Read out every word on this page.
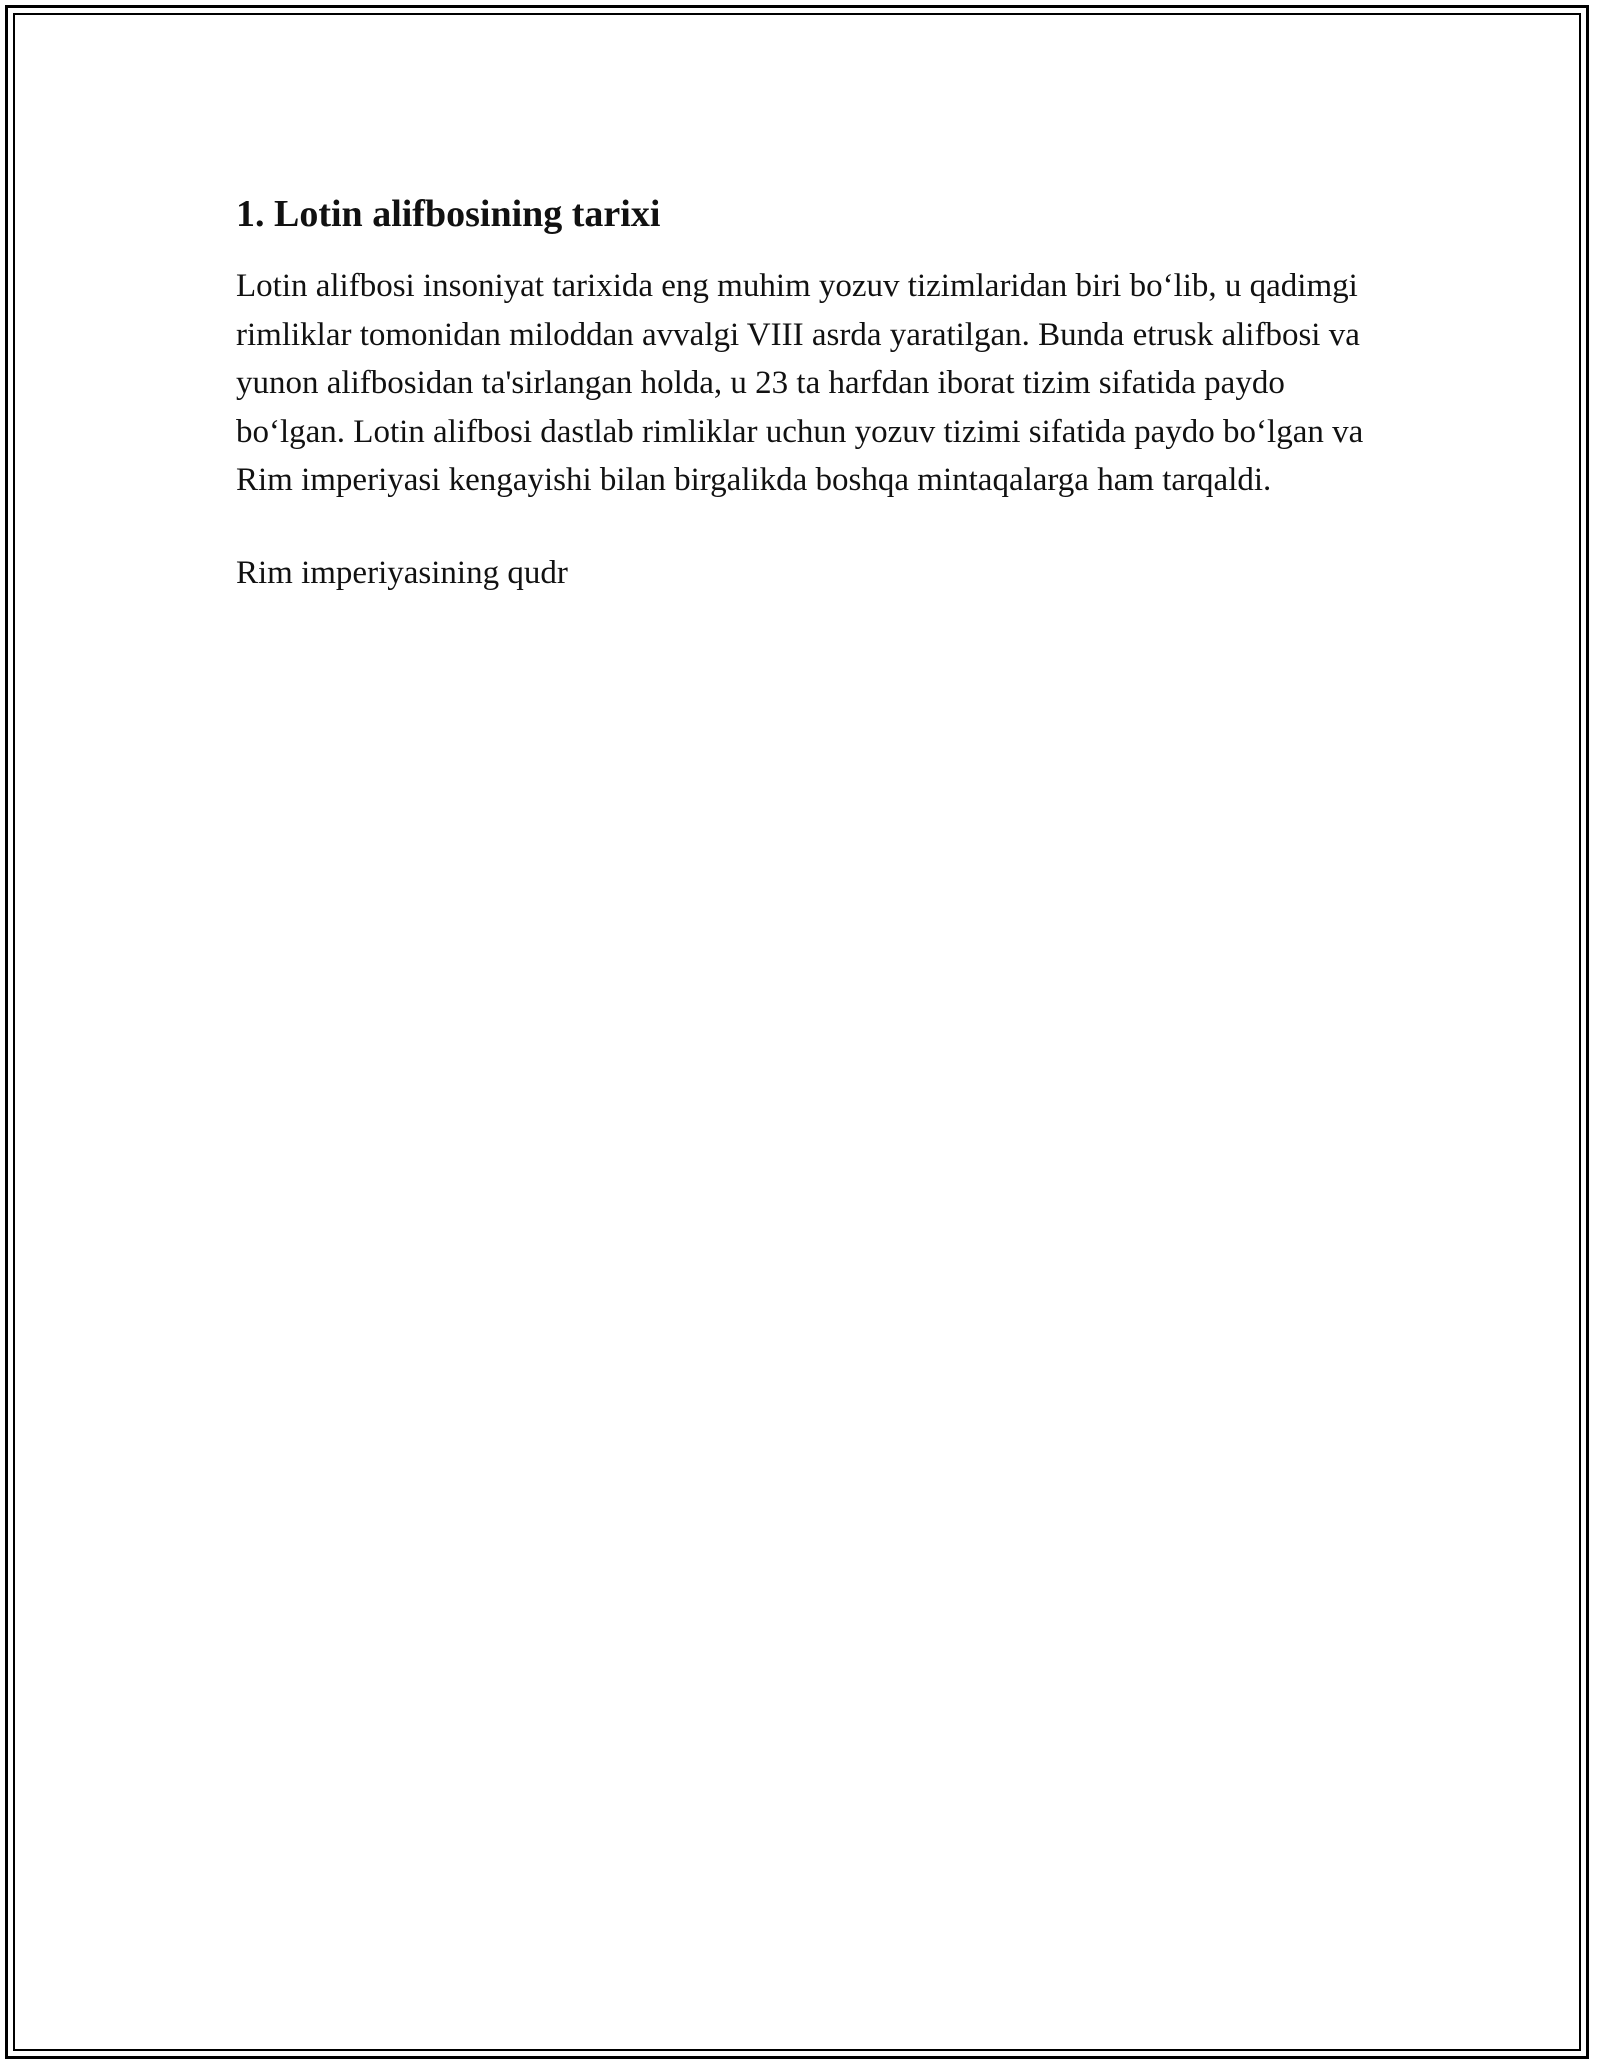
1. Lotin alifbosining tarixi

Lotin alifbosi insoniyat tarixida eng muhim yozuv tizimlaridan biri bo‘lib, u qadimgi rimliklar tomonidan miloddan avvalgi VIII asrda yaratilgan. Bunda etrusk alifbosi va yunon alifbosidan ta'sirlangan holda, u 23 ta harfdan iborat tizim sifatida paydo bo‘lgan. Lotin alifbosi dastlab rimliklar uchun yozuv tizimi sifatida paydo bo‘lgan va Rim imperiyasi kengayishi bilan birgalikda boshqa mintaqalarga ham tarqaldi.

Rim imperiyasining qudr
